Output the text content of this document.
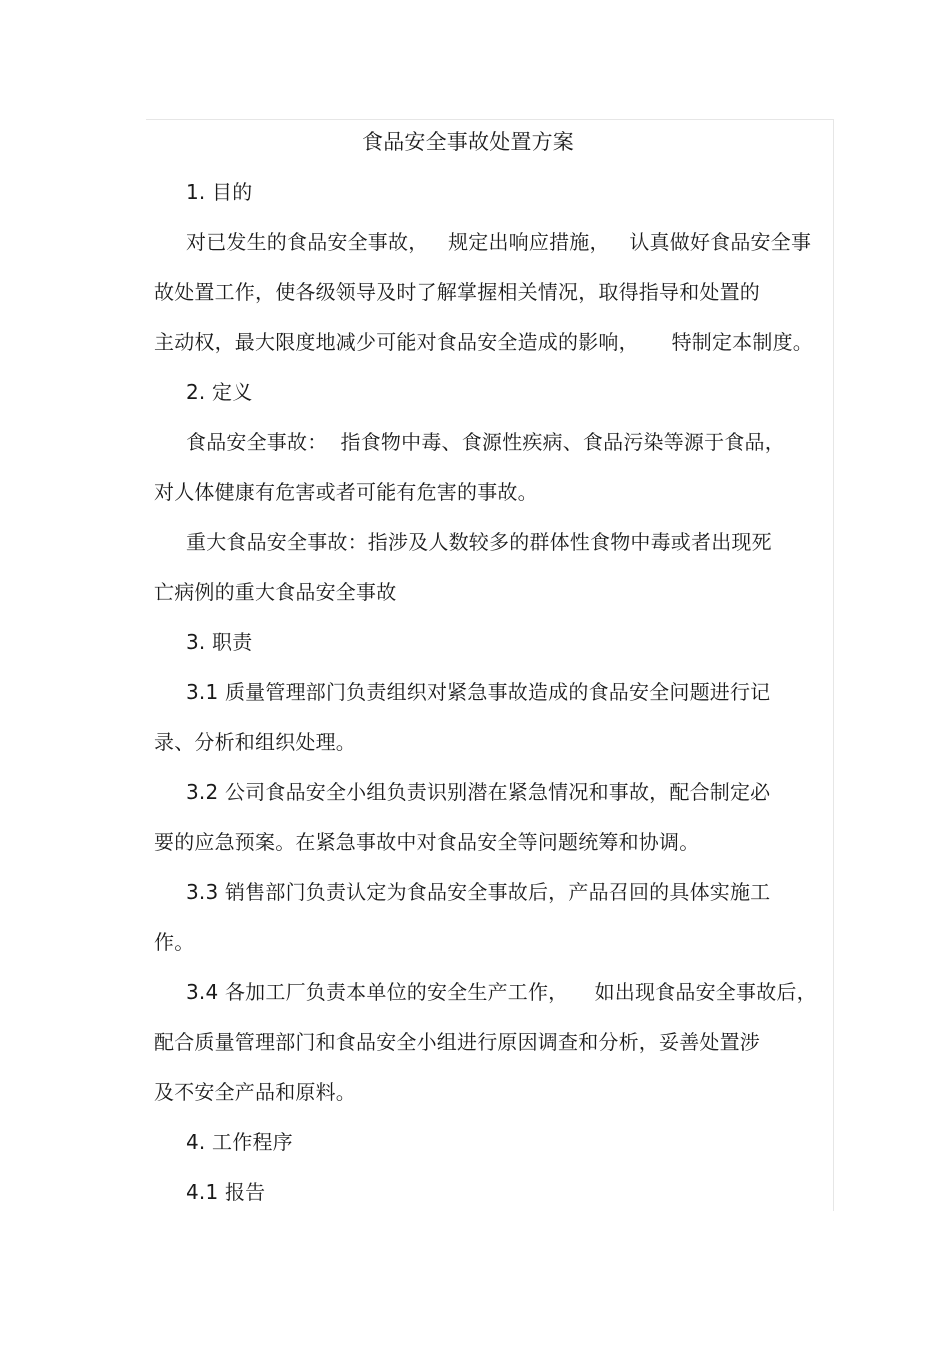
食品安全事故处置方案
1. 目的
对已发生的食品安全事故，   规定出响应措施，   认真做好食品安全事
故处置工作，使各级领导及时了解掌握相关情况，取得指导和处置的
主动权，最大限度地减少可能对食品安全造成的影响，     特制定本制度。
2. 定义
食品安全事故：  指食物中毒、食源性疾病、食品污染等源于食品，
对人体健康有危害或者可能有危害的事故。
重大食品安全事故：指涉及人数较多的群体性食物中毒或者出现死
亡病例的重大食品安全事故
3. 职责
3.1 质量管理部门负责组织对紧急事故造成的食品安全问题进行记
录、分析和组织处理。
3.2 公司食品安全小组负责识别潜在紧急情况和事故，配合制定必
要的应急预案。在紧急事故中对食品安全等问题统筹和协调。
3.3 销售部门负责认定为食品安全事故后，产品召回的具体实施工
作。
3.4 各加工厂负责本单位的安全生产工作，    如出现食品安全事故后，
配合质量管理部门和食品安全小组进行原因调查和分析，妥善处置涉
及不安全产品和原料。
4. 工作程序
4.1 报告
